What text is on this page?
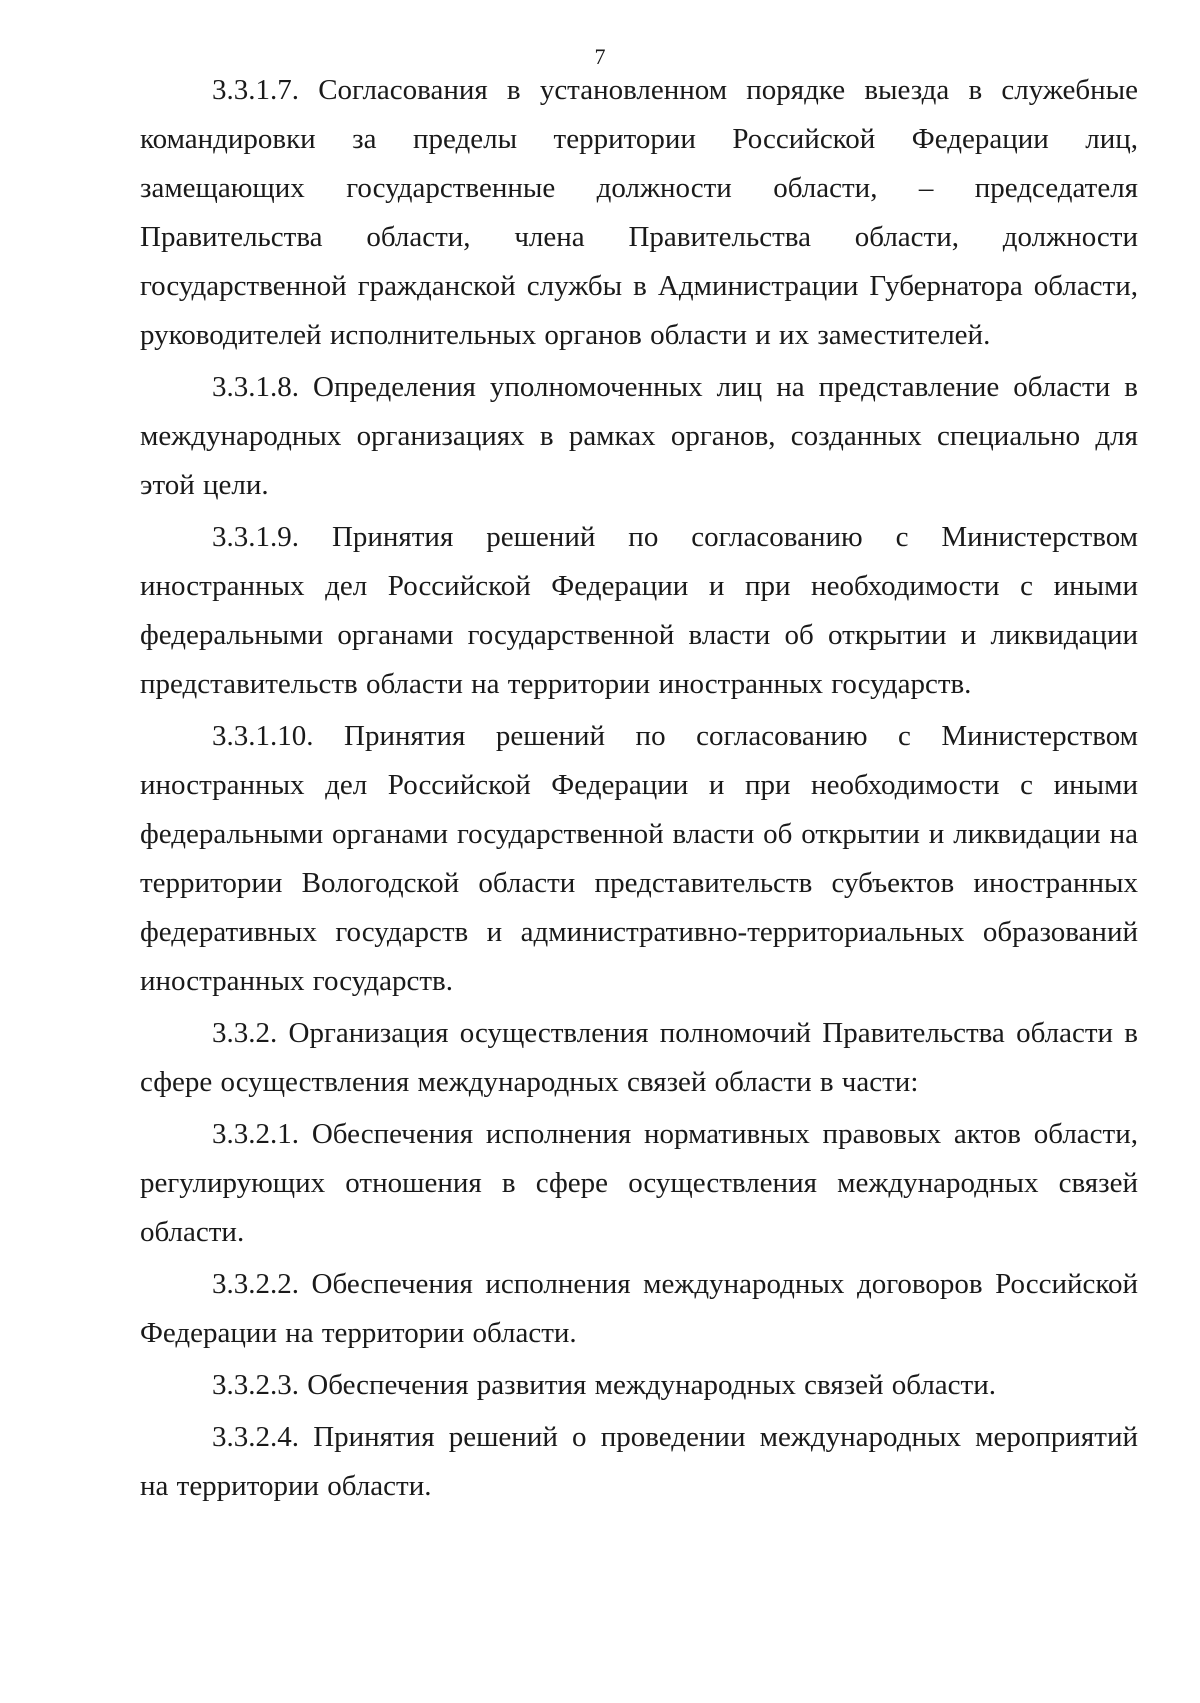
7

3.3.1.7. Согласования в установленном порядке выезда в служебные командировки за пределы территории Российской Федерации лиц, замещающих государственные должности области, – председателя Правительства области, члена Правительства области, должности государственной гражданской службы в Администрации Губернатора области, руководителей исполнительных органов области и их заместителей.

3.3.1.8. Определения уполномоченных лиц на представление области в международных организациях в рамках органов, созданных специально для этой цели.

3.3.1.9. Принятия решений по согласованию с Министерством иностранных дел Российской Федерации и при необходимости с иными федеральными органами государственной власти об открытии и ликвидации представительств области на территории иностранных государств.

3.3.1.10. Принятия решений по согласованию с Министерством иностранных дел Российской Федерации и при необходимости с иными федеральными органами государственной власти об открытии и ликвидации на территории Вологодской области представительств субъектов иностранных федеративных государств и административно-территориальных образований иностранных государств.

3.3.2. Организация осуществления полномочий Правительства области в сфере осуществления международных связей области в части:

3.3.2.1. Обеспечения исполнения нормативных правовых актов области, регулирующих отношения в сфере осуществления международных связей области.

3.3.2.2. Обеспечения исполнения международных договоров Российской Федерации на территории области.

3.3.2.3. Обеспечения развития международных связей области.

3.3.2.4. Принятия решений о проведении международных мероприятий на территории области.
